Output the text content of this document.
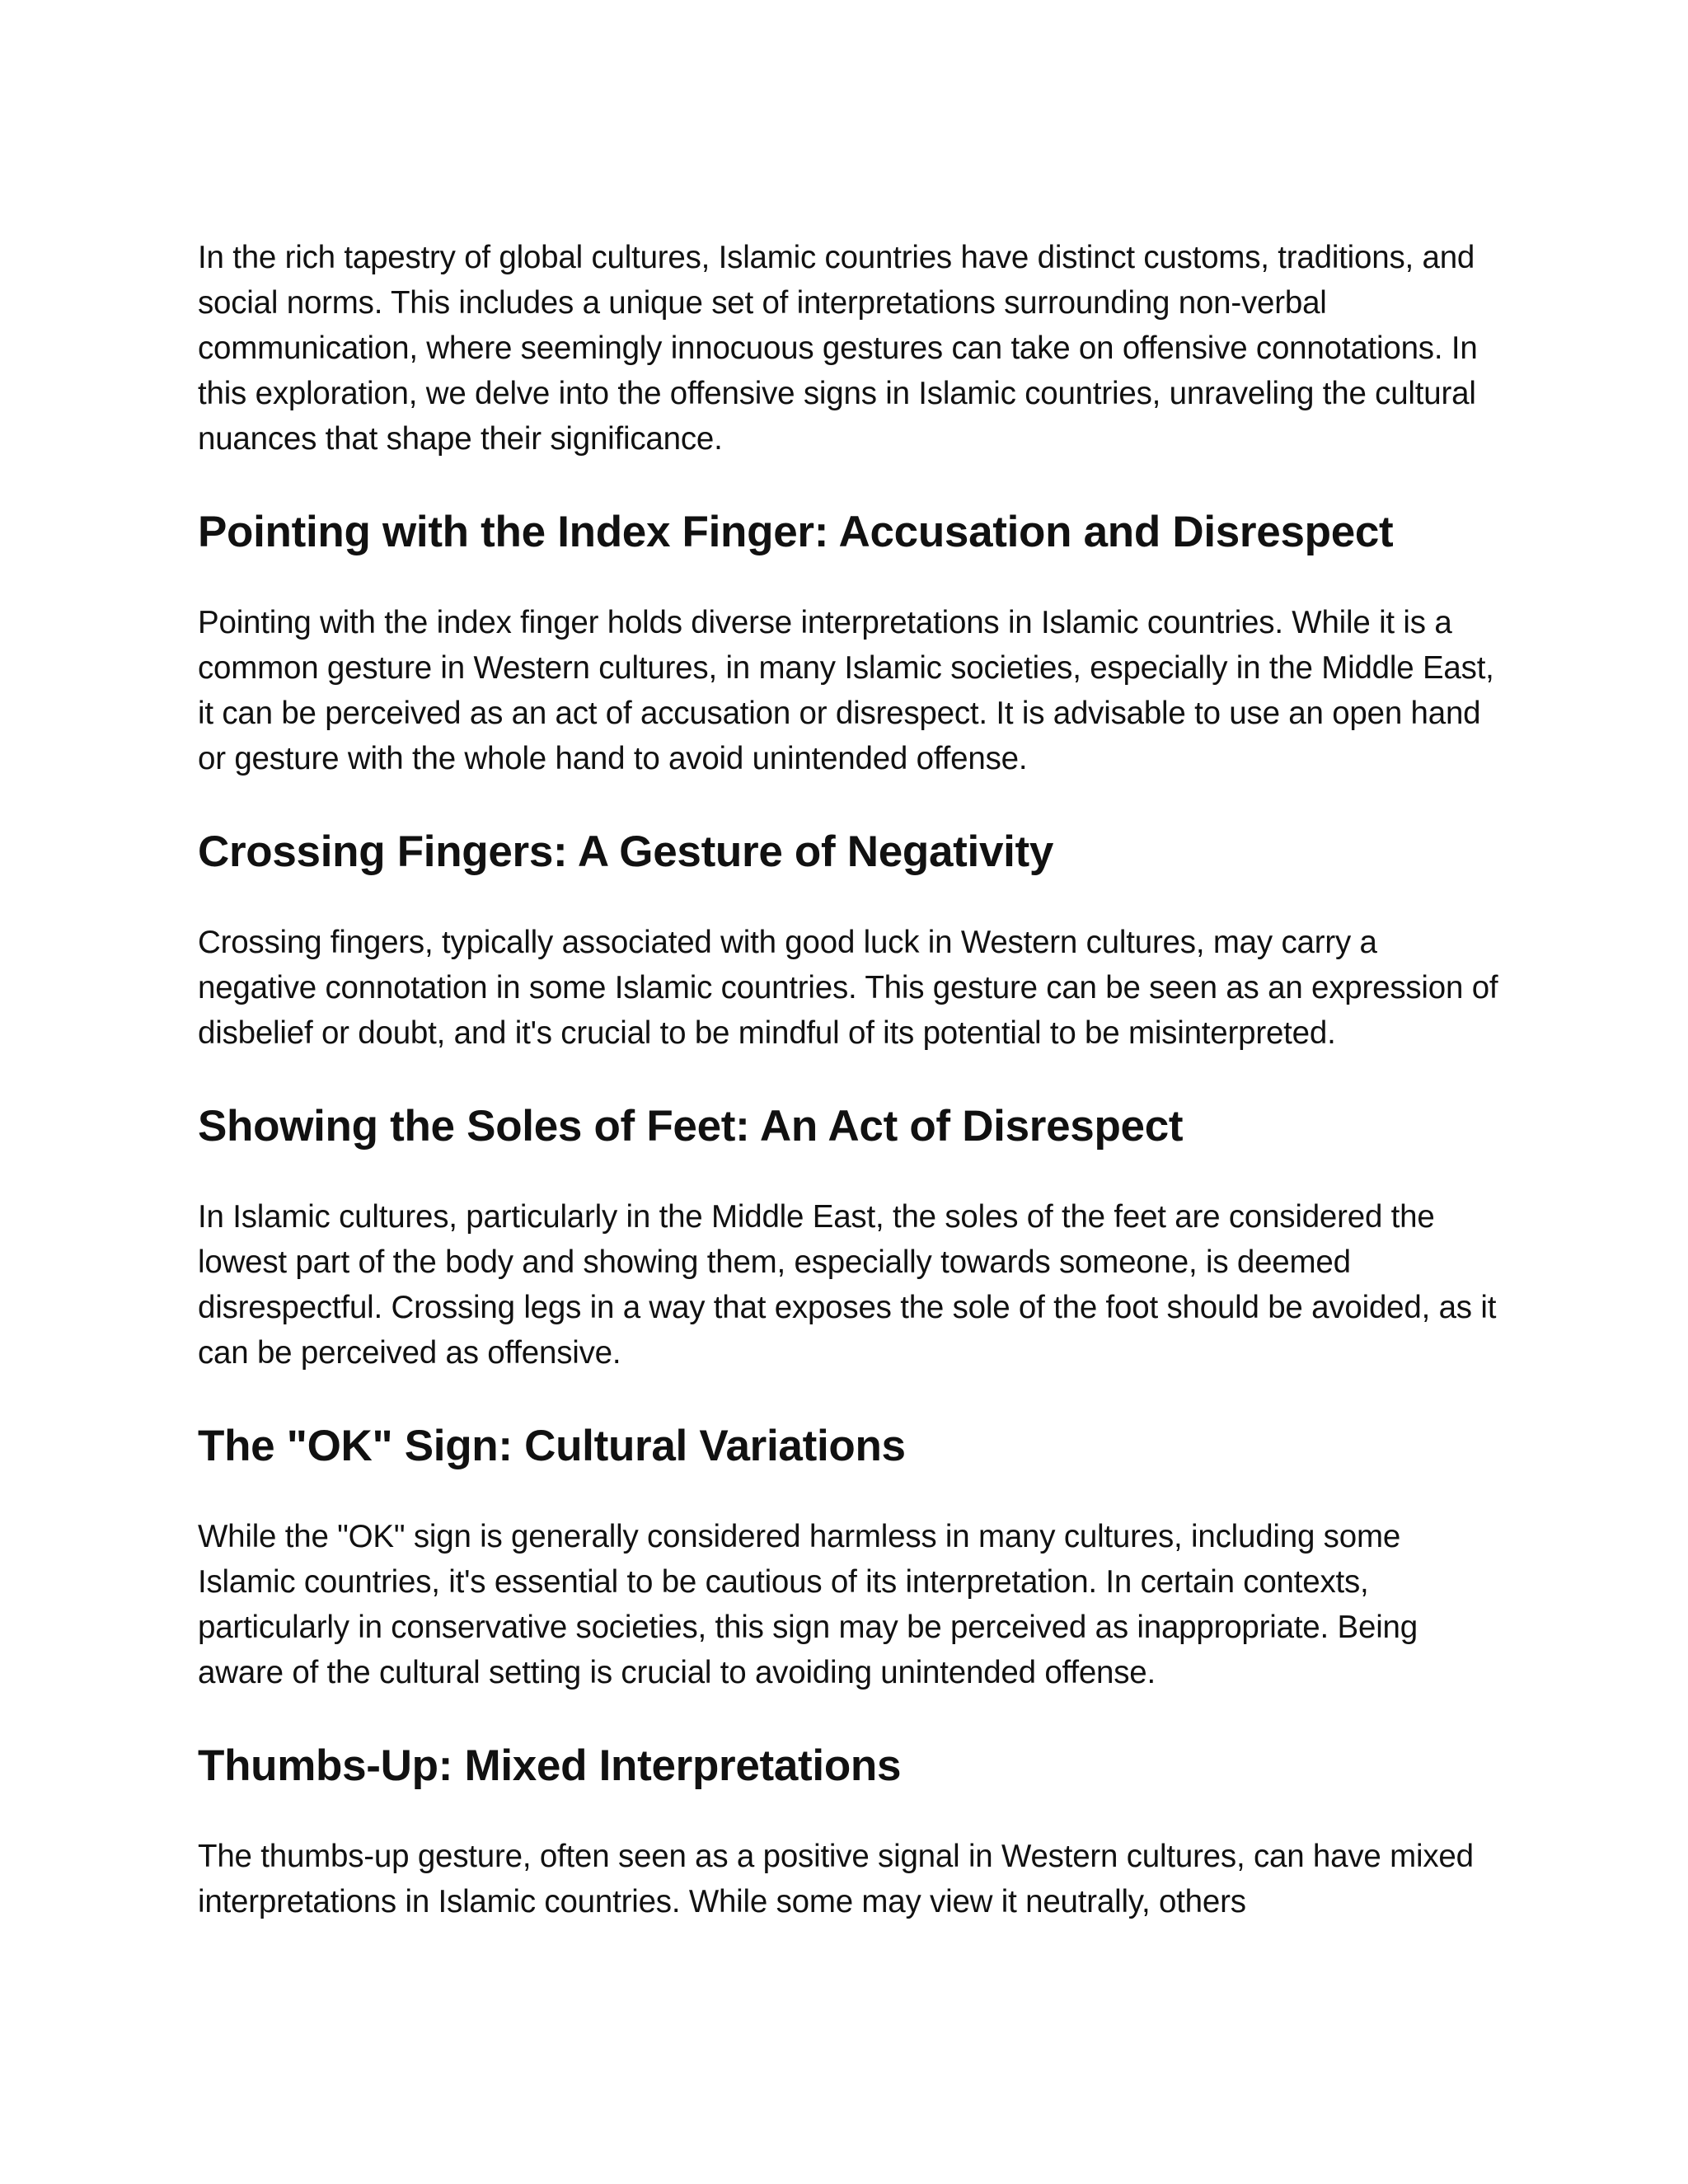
In the rich tapestry of global cultures, Islamic countries have distinct customs, traditions, and social norms. This includes a unique set of interpretations surrounding non-verbal communication, where seemingly innocuous gestures can take on offensive connotations. In this exploration, we delve into the offensive signs in Islamic countries, unraveling the cultural nuances that shape their significance.

Pointing with the Index Finger: Accusation and Disrespect

Pointing with the index finger holds diverse interpretations in Islamic countries. While it is a common gesture in Western cultures, in many Islamic societies, especially in the Middle East, it can be perceived as an act of accusation or disrespect. It is advisable to use an open hand or gesture with the whole hand to avoid unintended offense.

Crossing Fingers: A Gesture of Negativity

Crossing fingers, typically associated with good luck in Western cultures, may carry a negative connotation in some Islamic countries. This gesture can be seen as an expression of disbelief or doubt, and it's crucial to be mindful of its potential to be misinterpreted.

Showing the Soles of Feet: An Act of Disrespect

In Islamic cultures, particularly in the Middle East, the soles of the feet are considered the lowest part of the body and showing them, especially towards someone, is deemed disrespectful. Crossing legs in a way that exposes the sole of the foot should be avoided, as it can be perceived as offensive.

The "OK" Sign: Cultural Variations

While the "OK" sign is generally considered harmless in many cultures, including some Islamic countries, it's essential to be cautious of its interpretation. In certain contexts, particularly in conservative societies, this sign may be perceived as inappropriate. Being aware of the cultural setting is crucial to avoiding unintended offense.

Thumbs-Up: Mixed Interpretations

The thumbs-up gesture, often seen as a positive signal in Western cultures, can have mixed interpretations in Islamic countries. While some may view it neutrally, others
